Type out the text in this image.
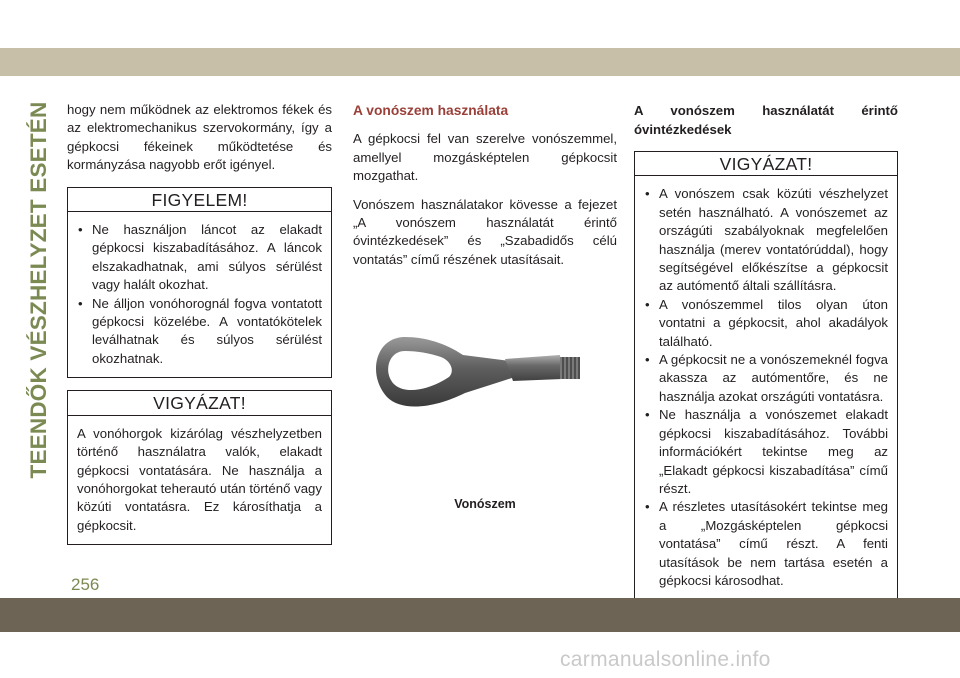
TEENDŐK VÉSZHELYZET ESETÉN hogy nem működnek az elektromos fékek és az elektromechanikus szervokormány, így a gépkocsi fékeinek működtetése és kormányzása nagyobb erőt igényel.

FIGYELEM!
• Ne használjon láncot az elakadt gépkocsi kiszabadításához. A láncok elszakadhatnak, ami súlyos sérülést vagy halált okozhat.
• Ne álljon vonóhorognál fogva vontatott gépkocsi közelébe. A vontatókötelek leválhatnak és súlyos sérülést okozhatnak.
VIGYÁZAT!

A vonóhorgok kizárólag vészhelyzetben történő használatra valók, elakadt gépkocsi vontatására. Ne használja a vonóhorgokat teherautó után történő vagy közúti vontatásra. Ez károsíthatja a gépkocsit.

A vonószem használata

A gépkocsi fel van szerelve vonószemmel, amellyel mozgásképtelen gépkocsit mozgathat.

Vonószem használatakor kövesse a fejezet „A vonószem használatát érintő óvintézkedések” és „Szabadidős célú vontatás” című részének utasításait.

Vonószem
A vonószem használatát érintő óvintézkedések
VIGYÁZAT!
• A vonószem csak közúti vészhelyzet setén használható. A vonószemet az országúti szabályoknak megfelelően használja (merev vontatórúddal), hogy segítségével előkészítse a gépkocsit az autómentő általi szállításra.
• A vonószemmel tilos olyan úton vontatni a gépkocsit, ahol akadályok található.
• A gépkocsit ne a vonószemeknél fogva akassza az autómentőre, és ne használja azokat országúti vontatásra.
• Ne használja a vonószemet elakadt gépkocsi kiszabadításához. További információkért tekintse meg az „Elakadt gépkocsi kiszabadítása” című részt.
• A részletes utasításokért tekintse meg a „Mozgásképtelen gépkocsi vontatása” című részt. A fenti utasítások be nem tartása esetén a gépkocsi károsodhat.
256
carmanualsonline.info
